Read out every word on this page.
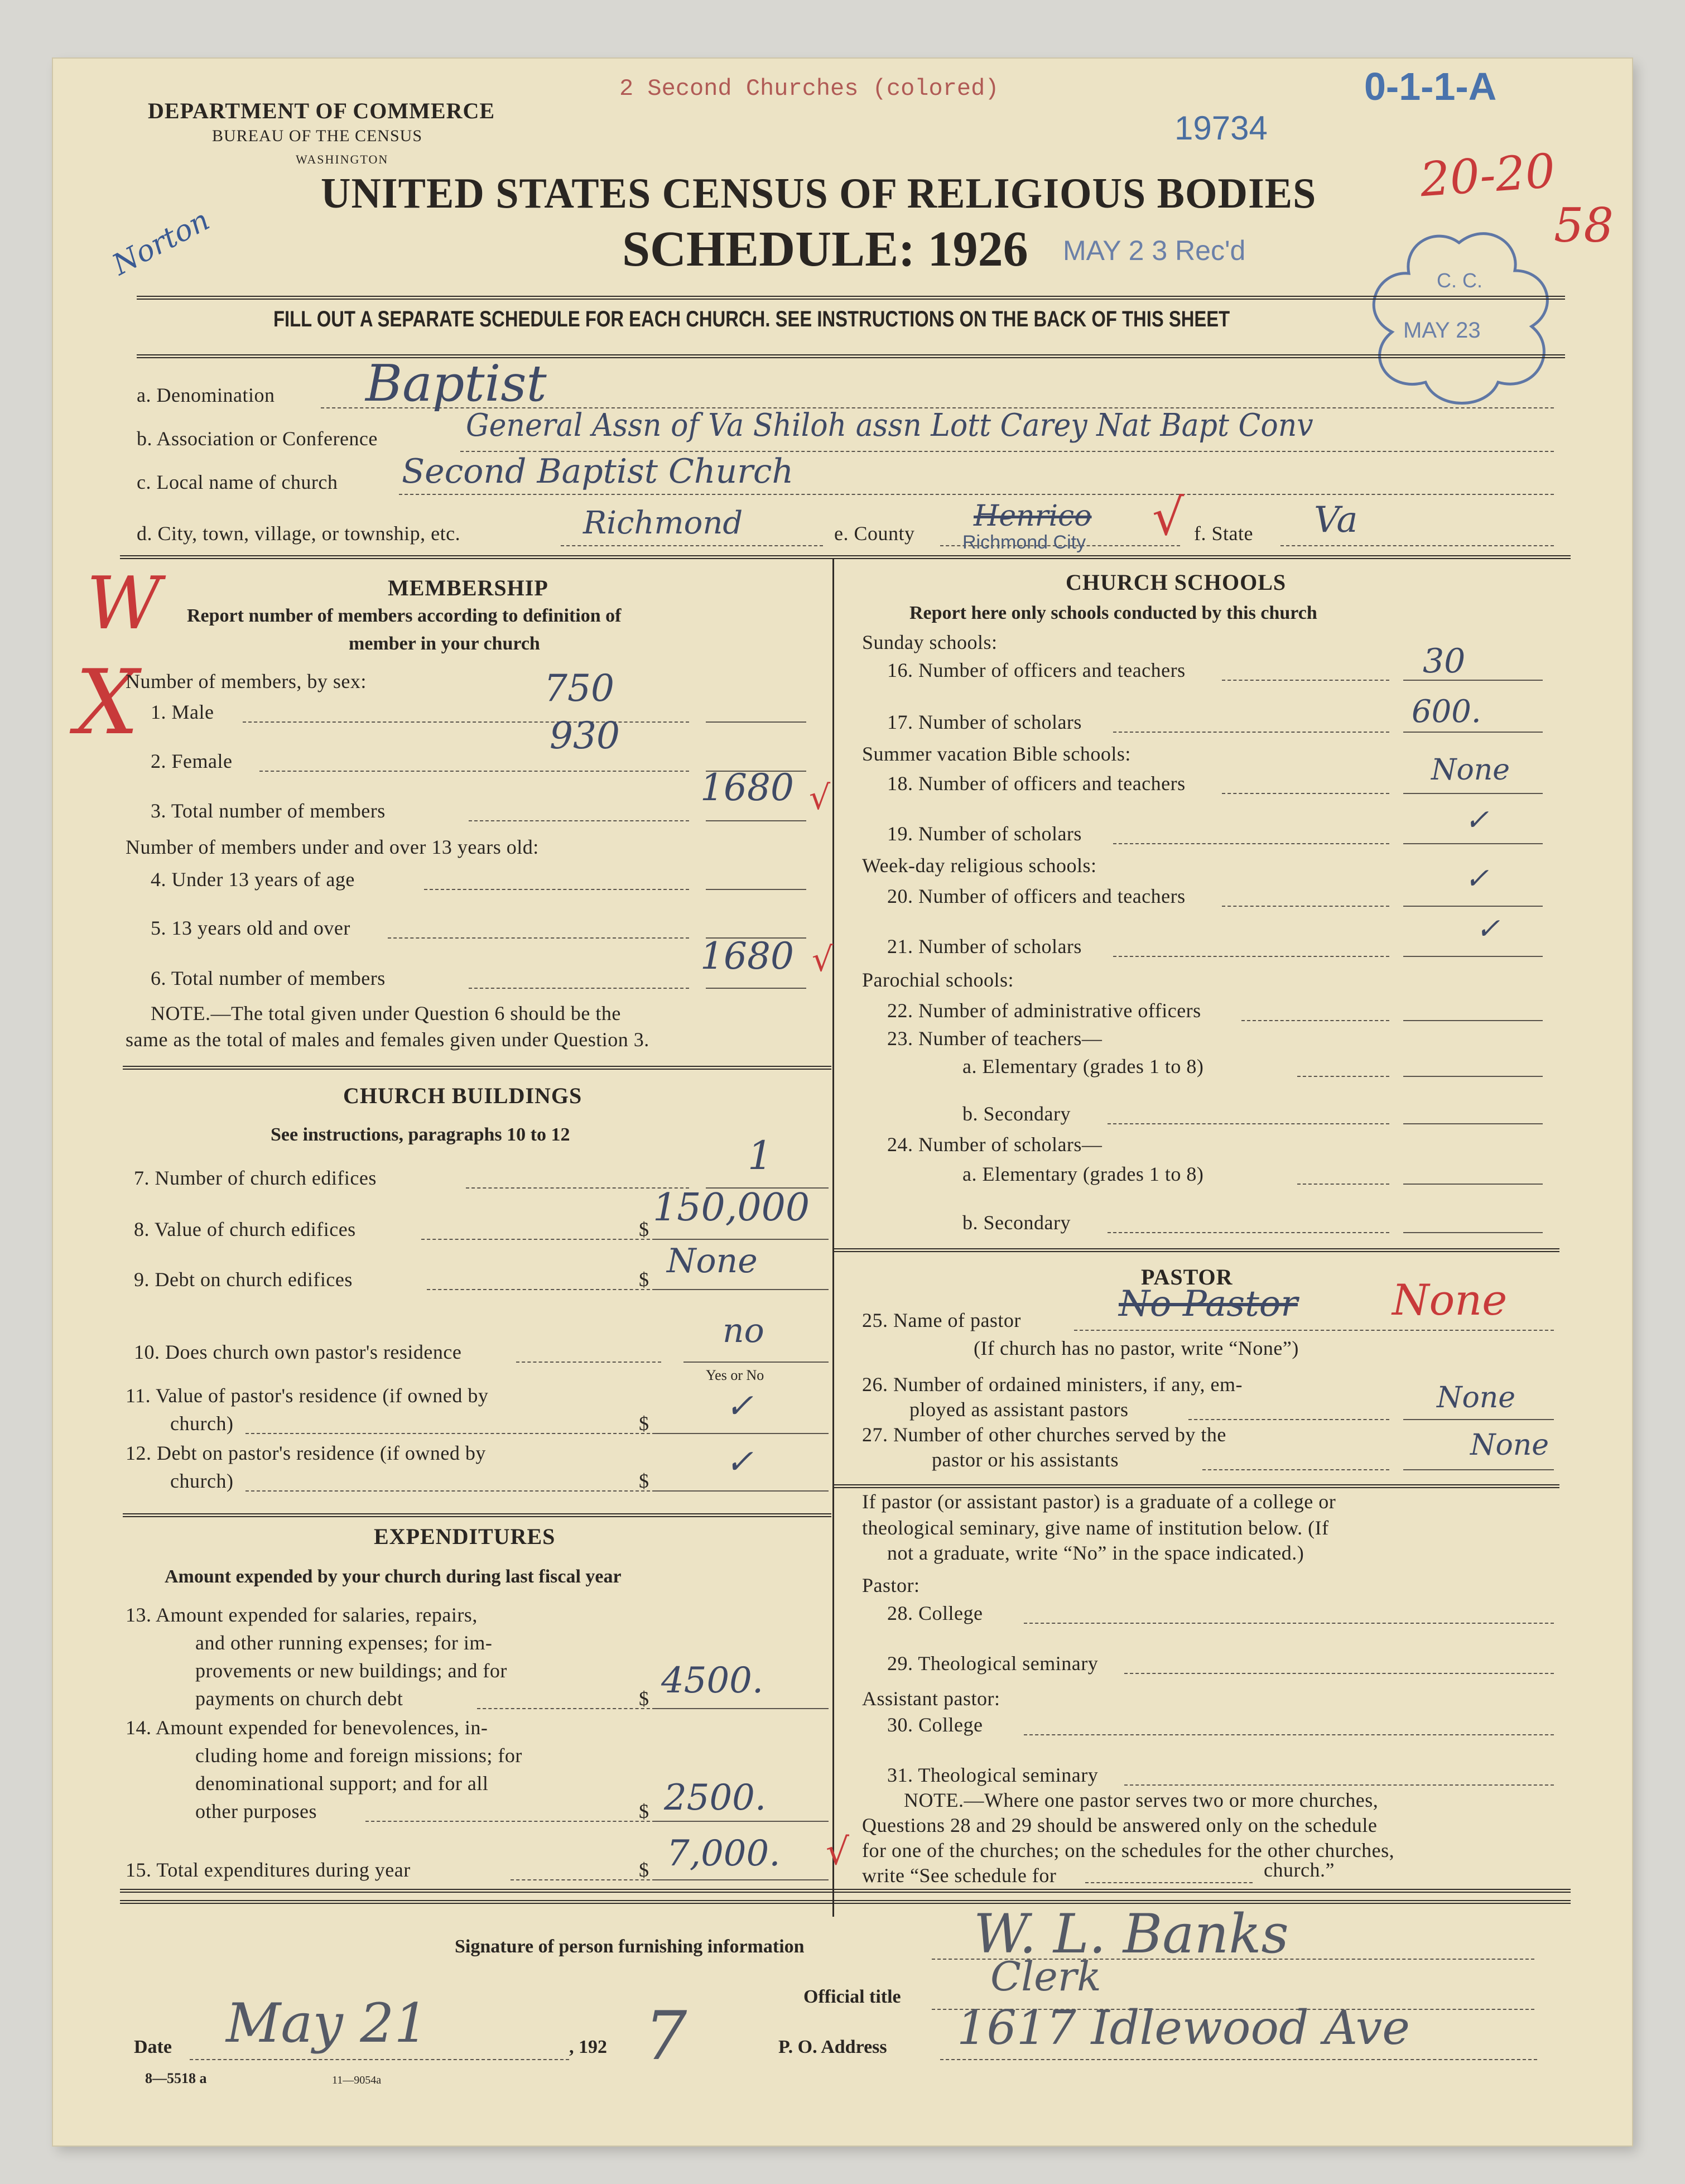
DEPARTMENT OF COMMERCE
BUREAU OF THE CENSUS
WASHINGTON
2 Second Churches (colored)
19734
0-1-1-A
20-20
58
Norton
UNITED STATES CENSUS OF RELIGIOUS BODIES
SCHEDULE: 1926 MAY 2 3 Rec'd
C. C.
MAY 23
FILL OUT A SEPARATE SCHEDULE FOR EACH CHURCH. SEE INSTRUCTIONS ON THE BACK OF THIS SHEET
a. Denomination Baptist
b. Association or Conference	General Assn of Va Shiloh assn Lott Carey Nat Bapt Conv
c. Local name of church Second Baptist Church
d. City, town, village, or township, etc.	Richmond	e. County
Henrico
Richmond City √ f. State Va
MEMBERSHIP
Report number of members according to definition of
member in your church
W
X
Number of members, by sex:
1. Male
750
2. Female
930
3. Total number of members
1680 √
Number of members under and over 13 years old:
4. Under 13 years of age
5. 13 years old and over
6. Total number of members
1680 √
NOTE.—The total given under Question 6 should be the
same as the total of males and females given under Question 3.
CHURCH BUILDINGS
See instructions, paragraphs 10 to 12
7. Number of church edifices	1
8. Value of church edifices	$ 150,000
9. Debt on church edifices	$ None
10. Does church own pastor's residence
no
Yes or No
11. Value of pastor's residence (if owned by
church)	$ ✓
12. Debt on pastor's residence (if owned by
church)	$ ✓
EXPENDITURES
Amount expended by your church during last fiscal year
13. Amount expended for salaries, repairs,
and other running expenses; for im-
provements or new buildings; and for
payments on church debt	$ 4500.
14. Amount expended for benevolences, in-
cluding home and foreign missions; for
denominational support; and for all
other purposes	$ 2500.
15. Total expenditures during year	$ 7,000. √
CHURCH SCHOOLS
Report here only schools conducted by this church
Sunday schools:
16. Number of officers and teachers	30
17. Number of scholars	600.
Summer vacation Bible schools:
18. Number of officers and teachers	None
19. Number of scholars	✓
Week-day religious schools:
20. Number of officers and teachers
✓
21. Number of scholars
✓
Parochial schools:
22. Number of administrative officers
23. Number of teachers—
a. Elementary (grades 1 to 8)
b. Secondary
24. Number of scholars—
a. Elementary (grades 1 to 8)
b. Secondary
PASTOR
25. Name of pastor	No Pastor None
(If church has no pastor, write “None”)
26. Number of ordained ministers, if any, em-
ployed as assistant pastors	None
27. Number of other churches served by the
pastor or his assistants	None
If pastor (or assistant pastor) is a graduate of a college or
theological seminary, give name of institution below. (If
not a graduate, write “No” in the space indicated.)
Pastor:
28. College
29. Theological seminary
Assistant pastor:
30. College
31. Theological seminary
NOTE.—Where one pastor serves two or more churches,
Questions 28 and 29 should be answered only on the schedule
for one of the churches; on the schedules for the other churches,
write “See schedule for	church.”
Signature of person furnishing information	W. L. Banks
Official title Clerk
Date May 21	, 192 7	P. O. Address 1617 Idlewood Ave
8—5518 a	11—9054a
